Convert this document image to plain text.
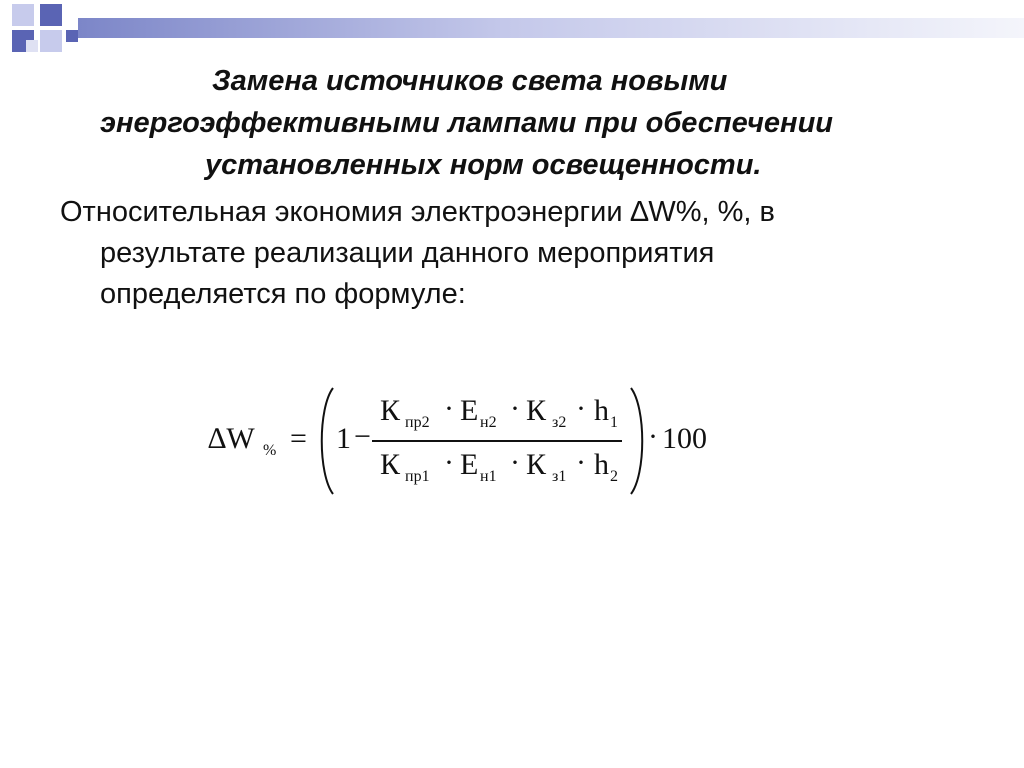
Замена источников света новыми
энергоэффективными лампами при обеспечении
установленных норм освещенности.
Относительная экономия электроэнергии ∆W%, %, в
результате реализации данного мероприятия
определяется по формуле:
∆W % = 1 −
К пр2 · Е н2 · К з2 · h 1
К пр1 · Е н1 · К з1 · h 2
· 100
